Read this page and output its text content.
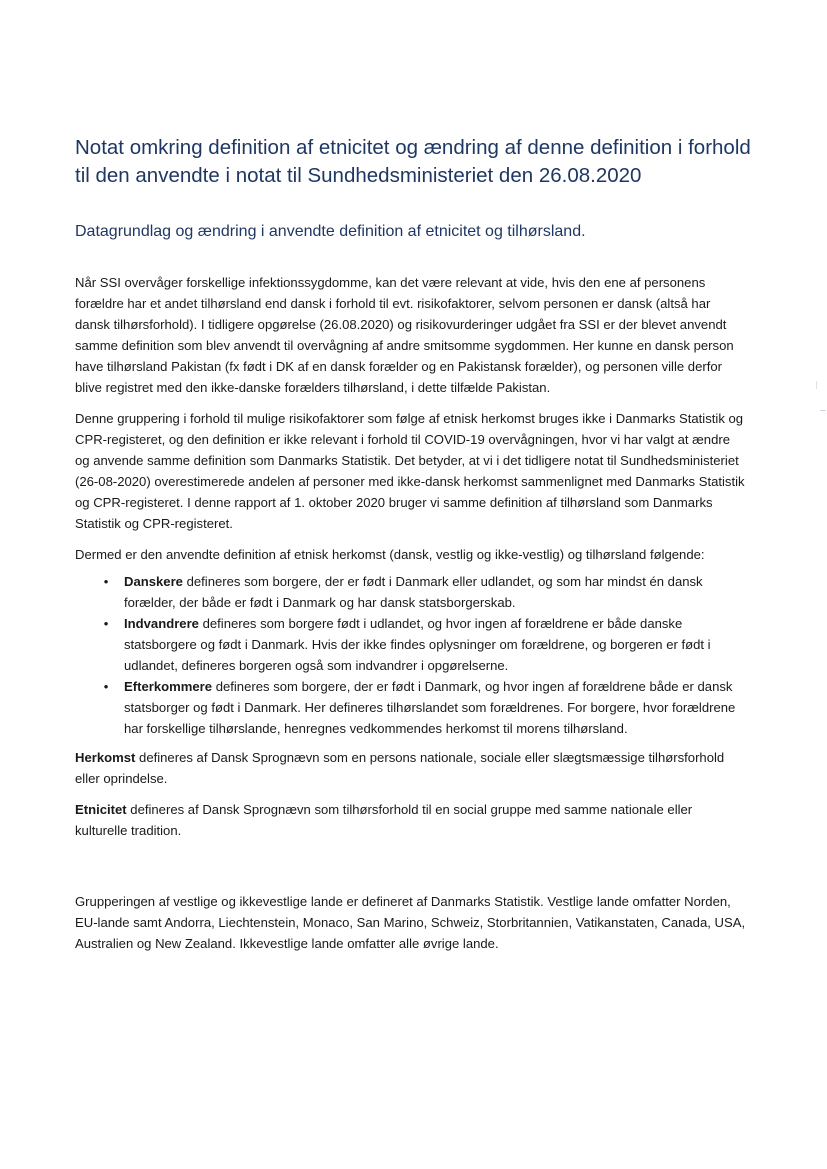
Notat omkring definition af etnicitet og ændring af denne definition i forhold til den anvendte i notat til Sundhedsministeriet den 26.08.2020
Datagrundlag og ændring i anvendte definition af etnicitet og tilhørsland.

Når SSI overvåger forskellige infektionssygdomme, kan det være relevant at vide, hvis den ene af personens forældre har et andet tilhørsland end dansk i forhold til evt. risikofaktorer, selvom personen er dansk (altså har dansk tilhørsforhold). I tidligere opgørelse (26.08.2020) og risikovurderinger udgået fra SSI er der blevet anvendt samme definition som blev anvendt til overvågning af andre smitsomme sygdommen. Her kunne en dansk person have tilhørsland Pakistan (fx født i DK af en dansk forælder og en Pakistansk forælder), og personen ville derfor blive registret med den ikke-danske forælders tilhørsland, i dette tilfælde Pakistan.

Denne gruppering i forhold til mulige risikofaktorer som følge af etnisk herkomst bruges ikke i Danmarks Statistik og CPR-registeret, og den definition er ikke relevant i forhold til COVID-19 overvågningen, hvor vi har valgt at ændre og anvende samme definition som Danmarks Statistik. Det betyder, at vi i det tidligere notat til Sundhedsministeriet (26-08-2020) overestimerede andelen af personer med ikke-dansk herkomst sammenlignet med Danmarks Statistik og CPR-registeret. I denne rapport af 1. oktober 2020 bruger vi samme definition af tilhørsland som Danmarks Statistik og CPR-registeret.

Dermed er den anvendte definition af etnisk herkomst (dansk, vestlig og ikke-vestlig) og tilhørsland følgende:

• Danskere defineres som borgere, der er født i Danmark eller udlandet, og som har mindst én dansk forælder, der både er født i Danmark og har dansk statsborgerskab.
• Indvandrere defineres som borgere født i udlandet, og hvor ingen af forældrene er både danske statsborgere og født i Danmark. Hvis der ikke findes oplysninger om forældrene, og borgeren er født i udlandet, defineres borgeren også som indvandrer i opgørelserne.
• Efterkommere defineres som borgere, der er født i Danmark, og hvor ingen af forældrene både er dansk statsborger og født i Danmark. Her defineres tilhørslandet som forældrenes. For borgere, hvor forældrene har forskellige tilhørslande, henregnes vedkommendes herkomst til morens tilhørsland.

Herkomst defineres af Dansk Sprognævn som en persons nationale, sociale eller slægtsmæssige tilhørsforhold eller oprindelse.

Etnicitet defineres af Dansk Sprognævn som tilhørsforhold til en social gruppe med samme nationale eller kulturelle tradition.

Grupperingen af vestlige og ikkevestlige lande er defineret af Danmarks Statistik. Vestlige lande omfatter Norden, EU-lande samt Andorra, Liechtenstein, Monaco, San Marino, Schweiz, Storbritannien, Vatikanstaten, Canada, USA, Australien og New Zealand. Ikkevestlige lande omfatter alle øvrige lande.
